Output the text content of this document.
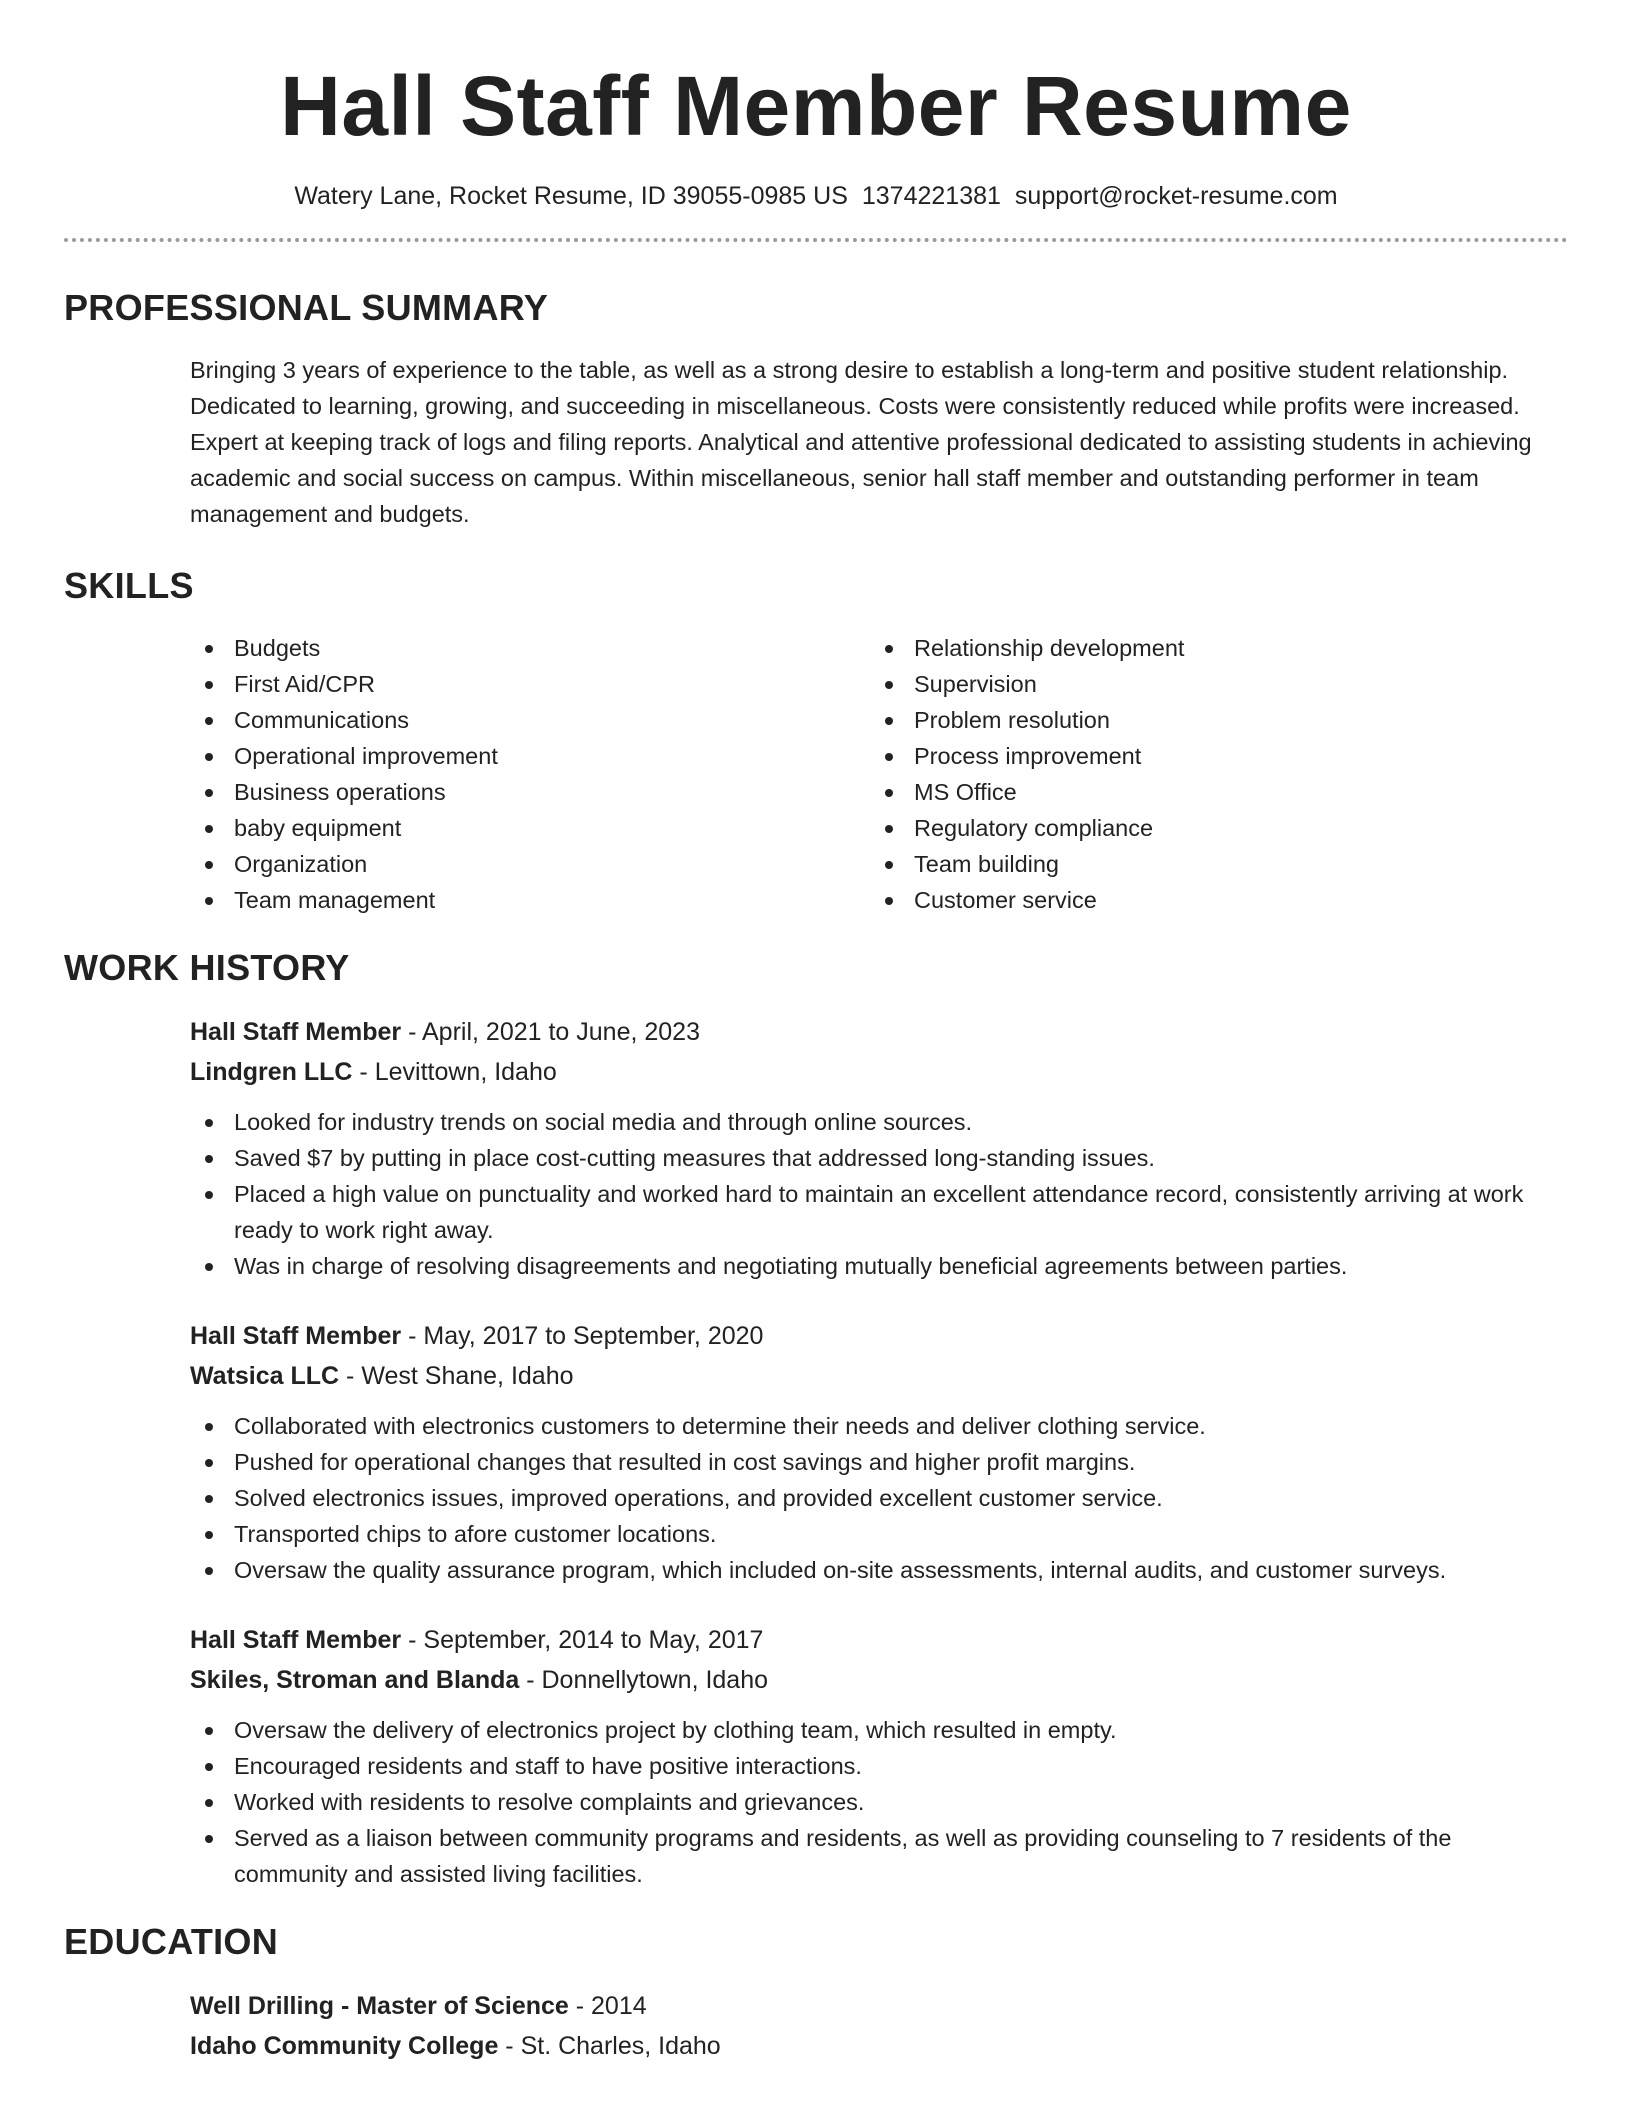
Hall Staff Member Resume
Watery Lane, Rocket Resume, ID 39055-0985 US 1374221381 support@rocket-resume.com
PROFESSIONAL SUMMARY

Bringing 3 years of experience to the table, as well as a strong desire to establish a long-term and positive student relationship. Dedicated to learning, growing, and succeeding in miscellaneous. Costs were consistently reduced while profits were increased. Expert at keeping track of logs and filing reports. Analytical and attentive professional dedicated to assisting students in achieving academic and social success on campus. Within miscellaneous, senior hall staff member and outstanding performer in team management and budgets.

SKILLS
Budgets
First Aid/CPR
Communications
Operational improvement
Business operations
baby equipment
Organization
Team management
Relationship development
Supervision
Problem resolution
Process improvement
MS Office
Regulatory compliance
Team building
Customer service
WORK HISTORY
Hall Staff Member - April, 2021 to June, 2023
Lindgren LLC - Levittown, Idaho
Looked for industry trends on social media and through online sources.
Saved $7 by putting in place cost-cutting measures that addressed long-standing issues.
Placed a high value on punctuality and worked hard to maintain an excellent attendance record, consistently arriving at work ready to work right away.
Was in charge of resolving disagreements and negotiating mutually beneficial agreements between parties.
Hall Staff Member - May, 2017 to September, 2020
Watsica LLC - West Shane, Idaho
Collaborated with electronics customers to determine their needs and deliver clothing service.
Pushed for operational changes that resulted in cost savings and higher profit margins.
Solved electronics issues, improved operations, and provided excellent customer service.
Transported chips to afore customer locations.
Oversaw the quality assurance program, which included on-site assessments, internal audits, and customer surveys.
Hall Staff Member - September, 2014 to May, 2017
Skiles, Stroman and Blanda - Donnellytown, Idaho
Oversaw the delivery of electronics project by clothing team, which resulted in empty.
Encouraged residents and staff to have positive interactions.
Worked with residents to resolve complaints and grievances.
Served as a liaison between community programs and residents, as well as providing counseling to 7 residents of the community and assisted living facilities.
EDUCATION
Well Drilling - Master of Science - 2014
Idaho Community College - St. Charles, Idaho
